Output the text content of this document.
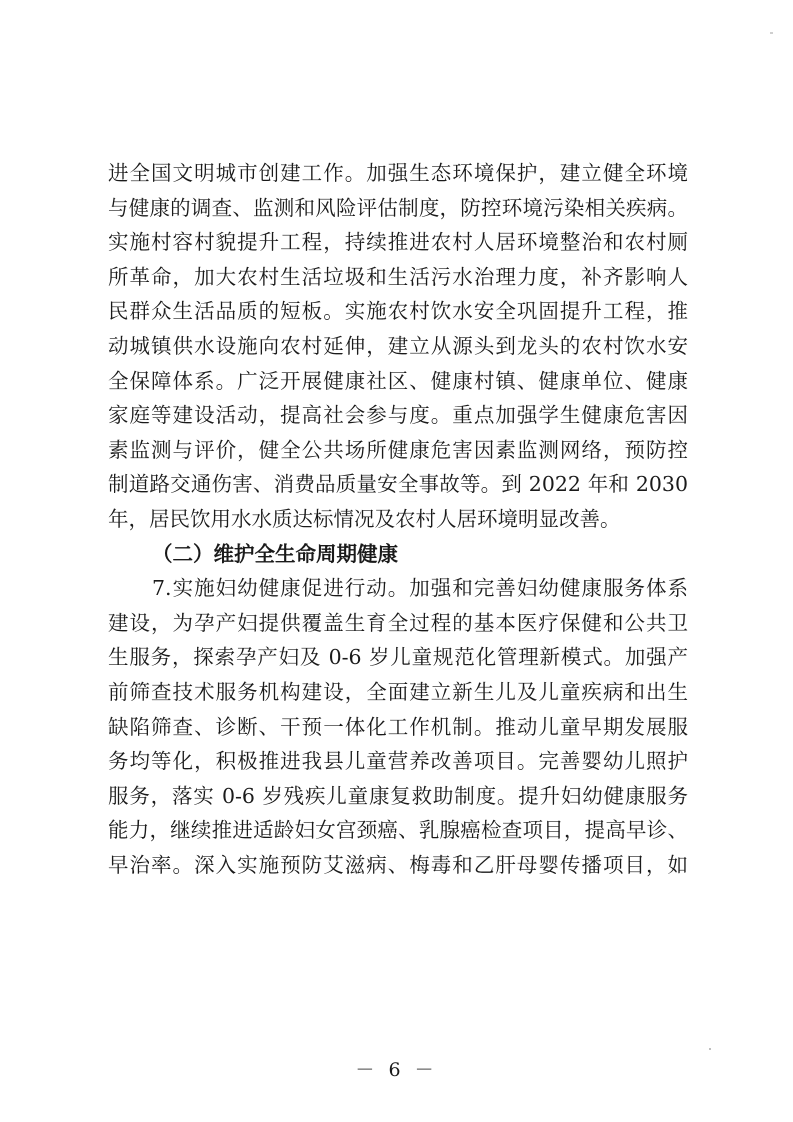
进全国文明城市创建工作。加强生态环境保护，建立健全环境
与健康的调查、监测和风险评估制度，防控环境污染相关疾病。
实施村容村貌提升工程，持续推进农村人居环境整治和农村厕
所革命，加大农村生活垃圾和生活污水治理力度，补齐影响人
民群众生活品质的短板。实施农村饮水安全巩固提升工程，推
动城镇供水设施向农村延伸，建立从源头到龙头的农村饮水安
全保障体系。广泛开展健康社区、健康村镇、健康单位、健康
家庭等建设活动，提高社会参与度。重点加强学生健康危害因
素监测与评价，健全公共场所健康危害因素监测网络，预防控
制道路交通伤害、消费品质量安全事故等。到 2022 年和 2030
年，居民饮用水水质达标情况及农村人居环境明显改善。
（二）维护全生命周期健康
7.实施妇幼健康促进行动。加强和完善妇幼健康服务体系
建设，为孕产妇提供覆盖生育全过程的基本医疗保健和公共卫
生服务，探索孕产妇及 0-6 岁儿童规范化管理新模式。加强产
前筛查技术服务机构建设，全面建立新生儿及儿童疾病和出生
缺陷筛查、诊断、干预一体化工作机制。推动儿童早期发展服
务均等化，积极推进我县儿童营养改善项目。完善婴幼儿照护
服务，落实 0-6 岁残疾儿童康复救助制度。提升妇幼健康服务
能力，继续推进适龄妇女宫颈癌、乳腺癌检查项目，提高早诊、
早治率。深入实施预防艾滋病、梅毒和乙肝母婴传播项目，如
－ 6 －
